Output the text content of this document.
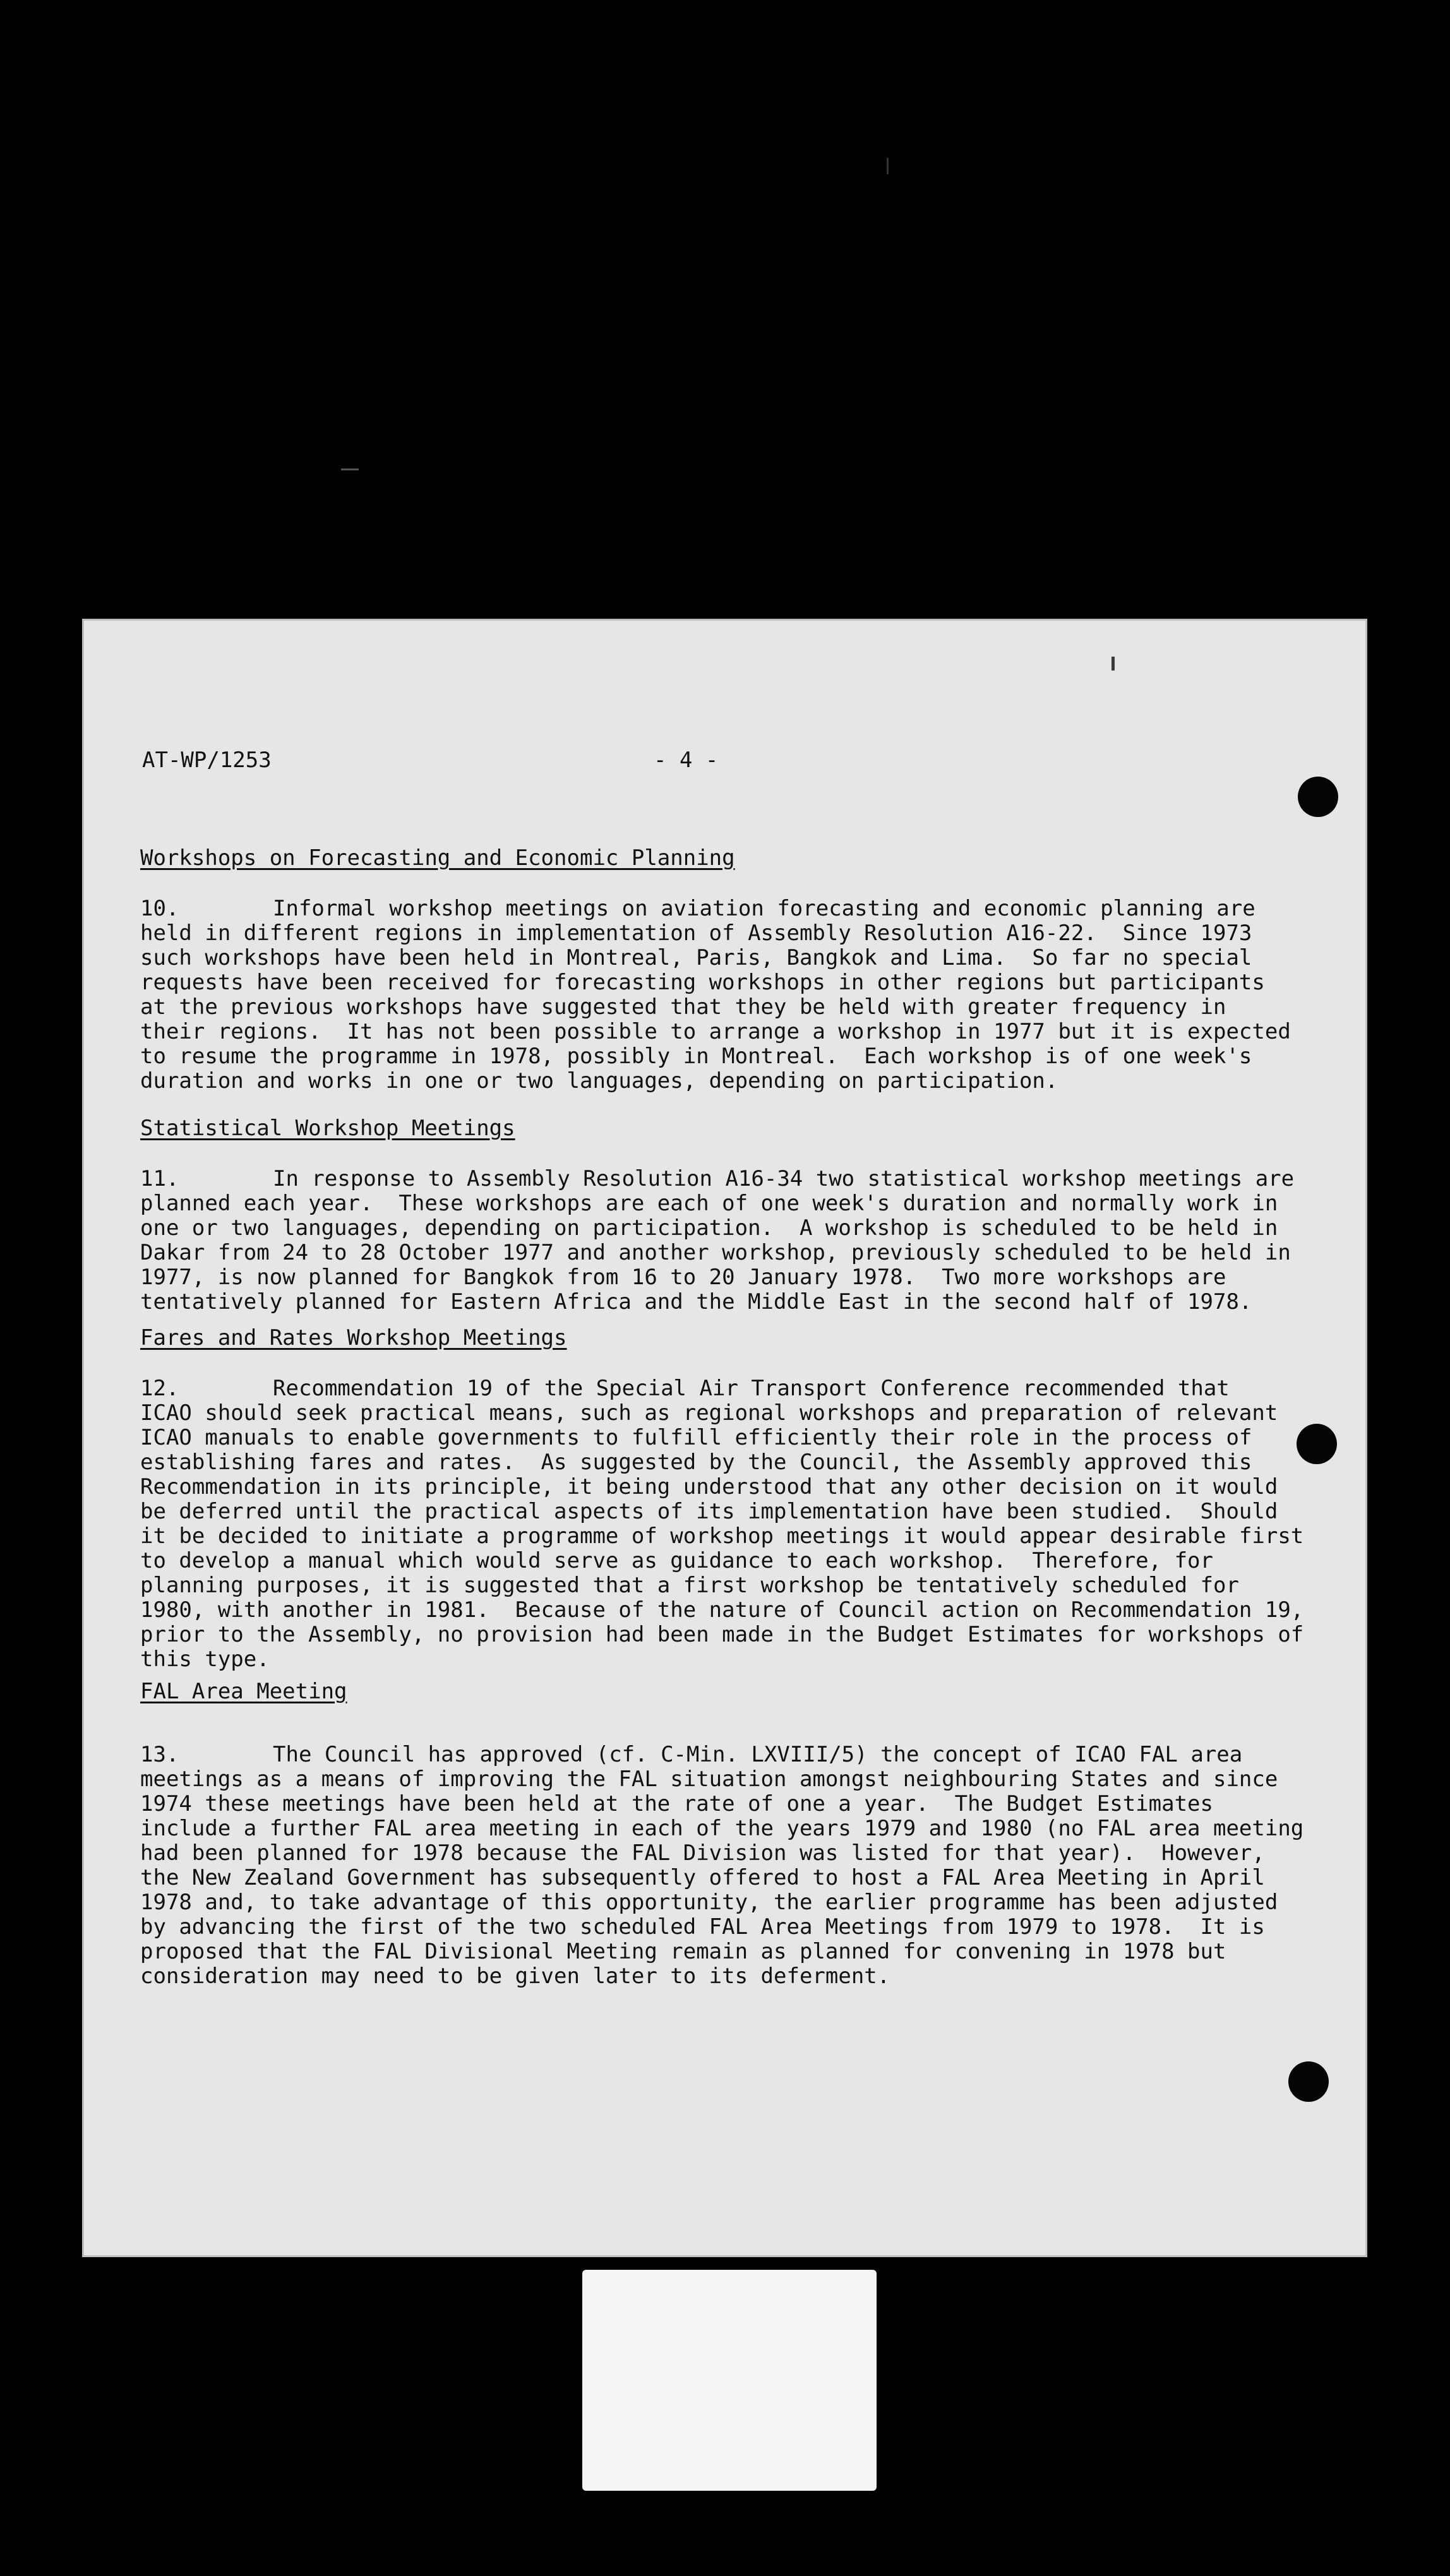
AT-WP/1253	- 4 -
Workshops on Forecasting and Economic Planning
10.	Informal workshop meetings on aviation forecasting and economic planning are
held in different regions in implementation of Assembly Resolution A16-22.  Since 1973
such workshops have been held in Montreal, Paris, Bangkok and Lima.  So far no special
requests have been received for forecasting workshops in other regions but participants
at the previous workshops have suggested that they be held with greater frequency in
their regions.  It has not been possible to arrange a workshop in 1977 but it is expected
to resume the programme in 1978, possibly in Montreal.  Each workshop is of one week's
duration and works in one or two languages, depending on participation.
Statistical Workshop Meetings
11.	In response to Assembly Resolution A16-34 two statistical workshop meetings are
planned each year.  These workshops are each of one week's duration and normally work in
one or two languages, depending on participation.  A workshop is scheduled to be held in
Dakar from 24 to 28 October 1977 and another workshop, previously scheduled to be held in
1977, is now planned for Bangkok from 16 to 20 January 1978.  Two more workshops are
tentatively planned for Eastern Africa and the Middle East in the second half of 1978.
Fares and Rates Workshop Meetings
12.	Recommendation 19 of the Special Air Transport Conference recommended that
ICAO should seek practical means, such as regional workshops and preparation of relevant
ICAO manuals to enable governments to fulfill efficiently their role in the process of
establishing fares and rates.  As suggested by the Council, the Assembly approved this
Recommendation in its principle, it being understood that any other decision on it would
be deferred until the practical aspects of its implementation have been studied.  Should
it be decided to initiate a programme of workshop meetings it would appear desirable first
to develop a manual which would serve as guidance to each workshop.  Therefore, for
planning purposes, it is suggested that a first workshop be tentatively scheduled for
1980, with another in 1981.  Because of the nature of Council action on Recommendation 19,
prior to the Assembly, no provision had been made in the Budget Estimates for workshops of
this type.
FAL Area Meeting
13.	The Council has approved (cf. C-Min. LXVIII/5) the concept of ICAO FAL area
meetings as a means of improving the FAL situation amongst neighbouring States and since
1974 these meetings have been held at the rate of one a year.  The Budget Estimates
include a further FAL area meeting in each of the years 1979 and 1980 (no FAL area meeting
had been planned for 1978 because the FAL Division was listed for that year).  However,
the New Zealand Government has subsequently offered to host a FAL Area Meeting in April
1978 and, to take advantage of this opportunity, the earlier programme has been adjusted
by advancing the first of the two scheduled FAL Area Meetings from 1979 to 1978.  It is
proposed that the FAL Divisional Meeting remain as planned for convening in 1978 but
consideration may need to be given later to its deferment.
